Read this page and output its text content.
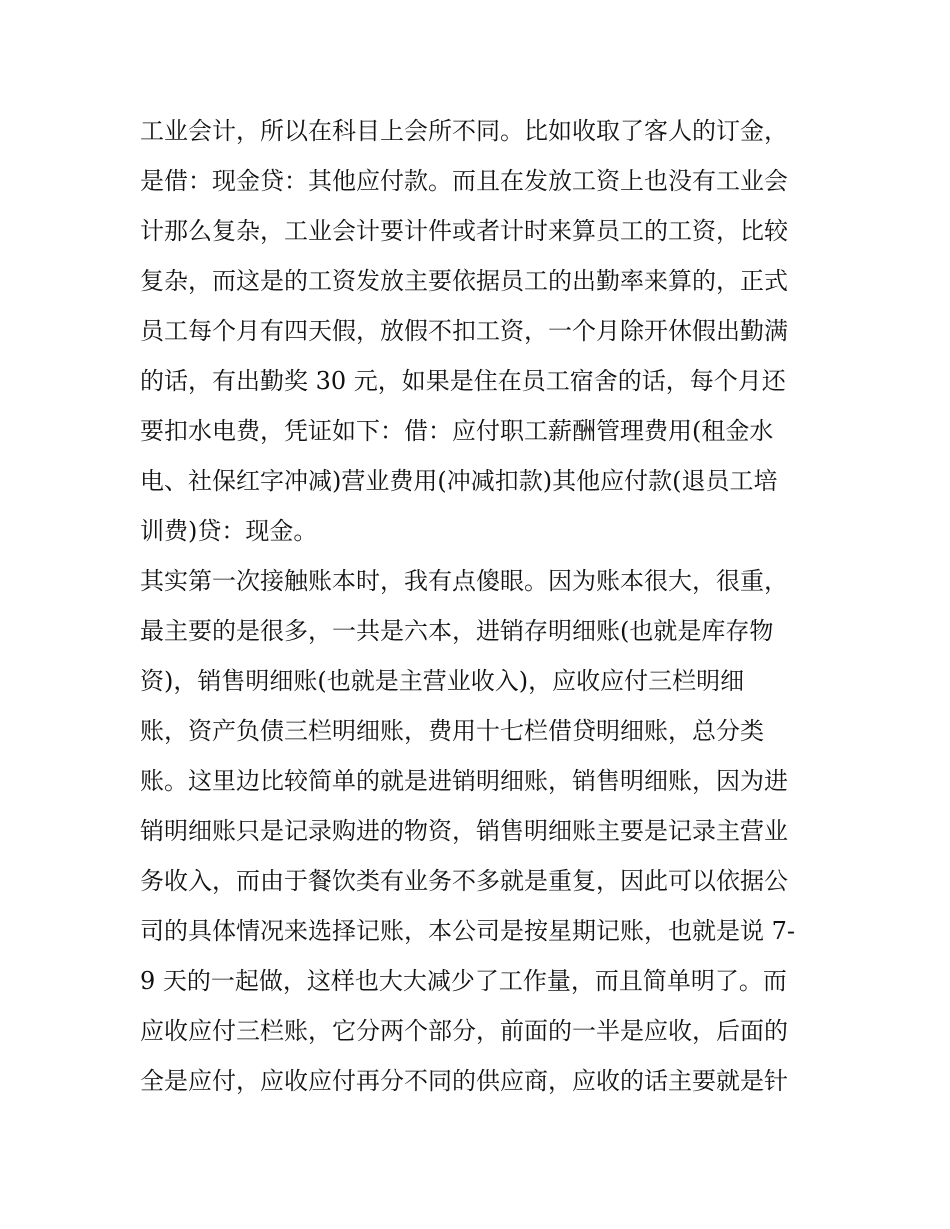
工业会计，所以在科目上会所不同。比如收取了客人的订金，
是借：现金贷：其他应付款。而且在发放工资上也没有工业会
计那么复杂，工业会计要计件或者计时来算员工的工资，比较
复杂，而这是的工资发放主要依据员工的出勤率来算的，正式
员工每个月有四天假，放假不扣工资，一个月除开休假出勤满
的话，有出勤奖 30 元，如果是住在员工宿舍的话，每个月还
要扣水电费，凭证如下：借：应付职工薪酬管理费用(租金水
电、社保红字冲减)营业费用(冲减扣款)其他应付款(退员工培
训费)贷：现金。
其实第一次接触账本时，我有点傻眼。因为账本很大，很重，
最主要的是很多，一共是六本，进销存明细账(也就是库存物
资)，销售明细账(也就是主营业收入)，应收应付三栏明细
账，资产负债三栏明细账，费用十七栏借贷明细账，总分类
账。这里边比较简单的就是进销明细账，销售明细账，因为进
销明细账只是记录购进的物资，销售明细账主要是记录主营业
务收入，而由于餐饮类有业务不多就是重复，因此可以依据公
司的具体情况来选择记账，本公司是按星期记账，也就是说 7-
9 天的一起做，这样也大大减少了工作量，而且简单明了。而
应收应付三栏账，它分两个部分，前面的一半是应收，后面的
全是应付，应收应付再分不同的供应商，应收的话主要就是针
